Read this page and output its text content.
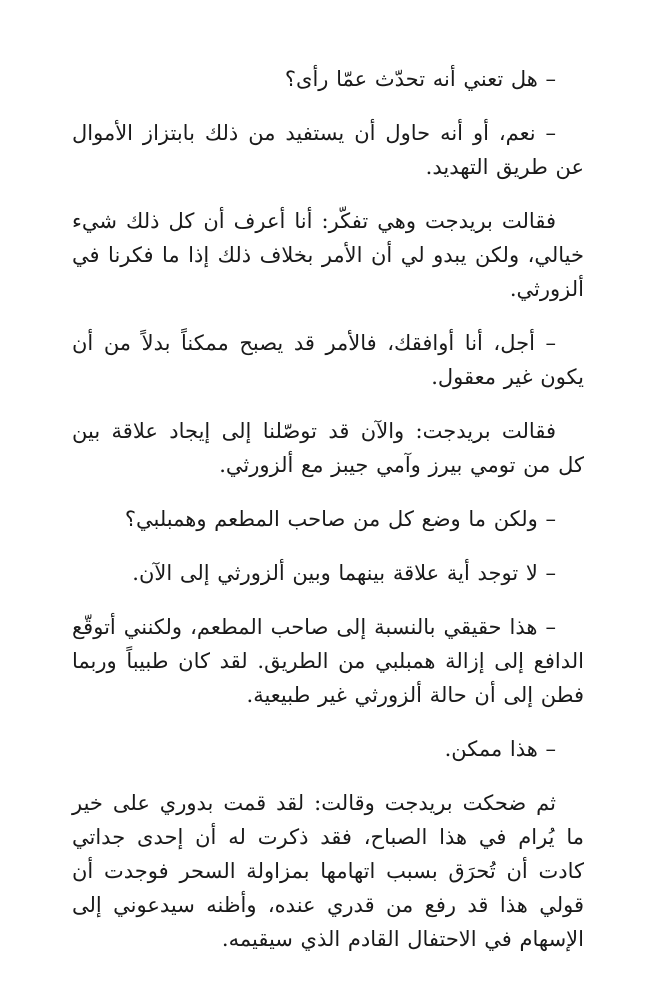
– هل تعني أنه تحدّث عمّا رأى؟

– نعم، أو أنه حاول أن يستفيد من ذلك بابتزاز الأموال عن طريق التهديد.

فقالت بريدجت وهي تفكّر: أنا أعرف أن كل ذلك شيء خيالي، ولكن يبدو لي أن الأمر بخلاف ذلك إذا ما فكرنا في ألزورثي.

– أجل، أنا أوافقك، فالأمر قد يصبح ممكناً بدلاً من أن يكون غير معقول.

فقالت بريدجت: والآن قد توصّلنا إلى إيجاد علاقة بين كل من تومي بيرز وآمي جيبز مع ألزورثي.

– ولكن ما وضع كل من صاحب المطعم وهمبلبي؟

– لا توجد أية علاقة بينهما وبين ألزورثي إلى الآن.

– هذا حقيقي بالنسبة إلى صاحب المطعم، ولكنني أتوقّع الدافع إلى إزالة همبلبي من الطريق. لقد كان طبيباً وربما فطن إلى أن حالة ألزورثي غير طبيعية.

– هذا ممكن.

ثم ضحكت بريدجت وقالت: لقد قمت بدوري على خير ما يُرام في هذا الصباح، فقد ذكرت له أن إحدى جداتي كادت أن تُحرَق بسبب اتهامها بمزاولة السحر فوجدت أن قولي هذا قد رفع من قدري عنده، وأظنه سيدعوني إلى الإسهام في الاحتفال القادم الذي سيقيمه.
